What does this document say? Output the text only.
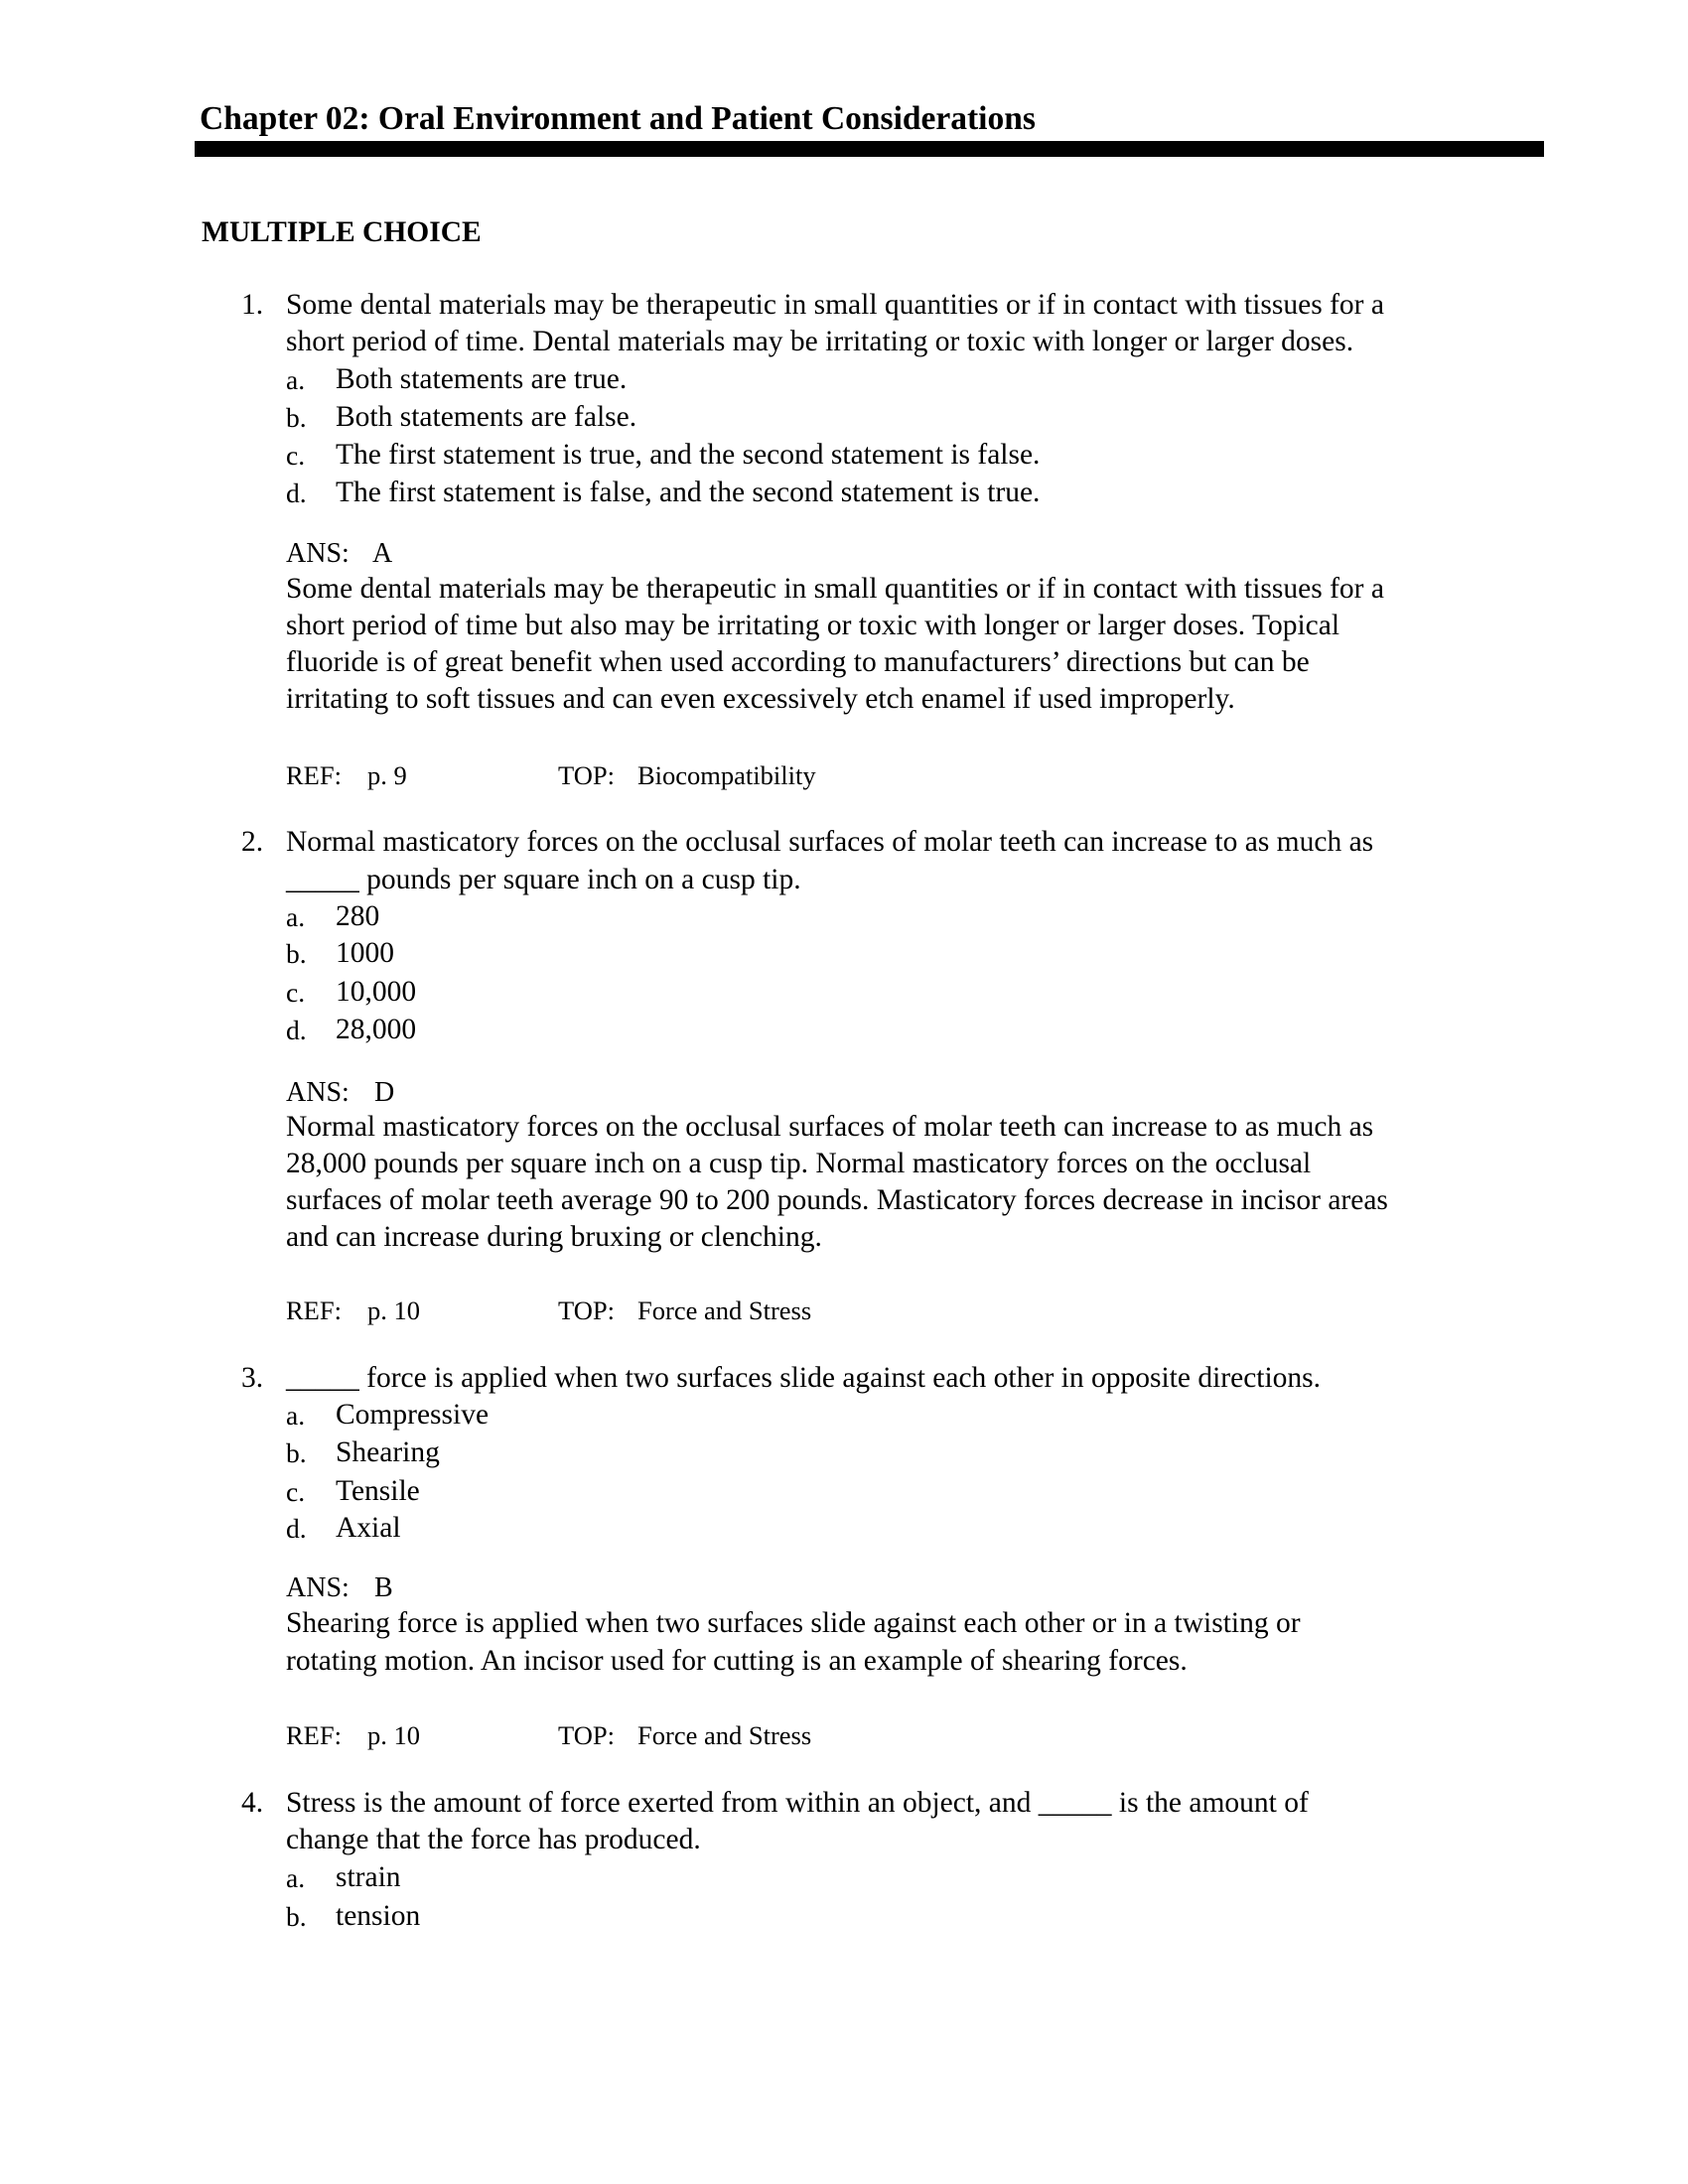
Chapter 02: Oral Environment and Patient Considerations
MULTIPLE CHOICE
1. Some dental materials may be therapeutic in small quantities or if in contact with tissues for a
short period of time. Dental materials may be irritating or toxic with longer or larger doses.
a. Both statements are true.
b. Both statements are false.
c. The first statement is true, and the second statement is false.
d. The first statement is false, and the second statement is true.
ANS: A
Some dental materials may be therapeutic in small quantities or if in contact with tissues for a
short period of time but also may be irritating or toxic with longer or larger doses. Topical
fluoride is of great benefit when used according to manufacturers’ directions but can be
irritating to soft tissues and can even excessively etch enamel if used improperly.
REF: p. 9	TOP: Biocompatibility
2. Normal masticatory forces on the occlusal surfaces of molar teeth can increase to as much as
_____ pounds per square inch on a cusp tip.
a. 280
b. 1000
c. 10,000
d. 28,000
ANS: D
Normal masticatory forces on the occlusal surfaces of molar teeth can increase to as much as
28,000 pounds per square inch on a cusp tip. Normal masticatory forces on the occlusal
surfaces of molar teeth average 90 to 200 pounds. Masticatory forces decrease in incisor areas
and can increase during bruxing or clenching.
REF: p. 10	TOP: Force and Stress
3. _____ force is applied when two surfaces slide against each other in opposite directions.
a. Compressive
b. Shearing
c. Tensile
d. Axial
ANS: B
Shearing force is applied when two surfaces slide against each other or in a twisting or
rotating motion. An incisor used for cutting is an example of shearing forces.
REF: p. 10	TOP: Force and Stress
4. Stress is the amount of force exerted from within an object, and _____ is the amount of
change that the force has produced.
a. strain
b. tension
